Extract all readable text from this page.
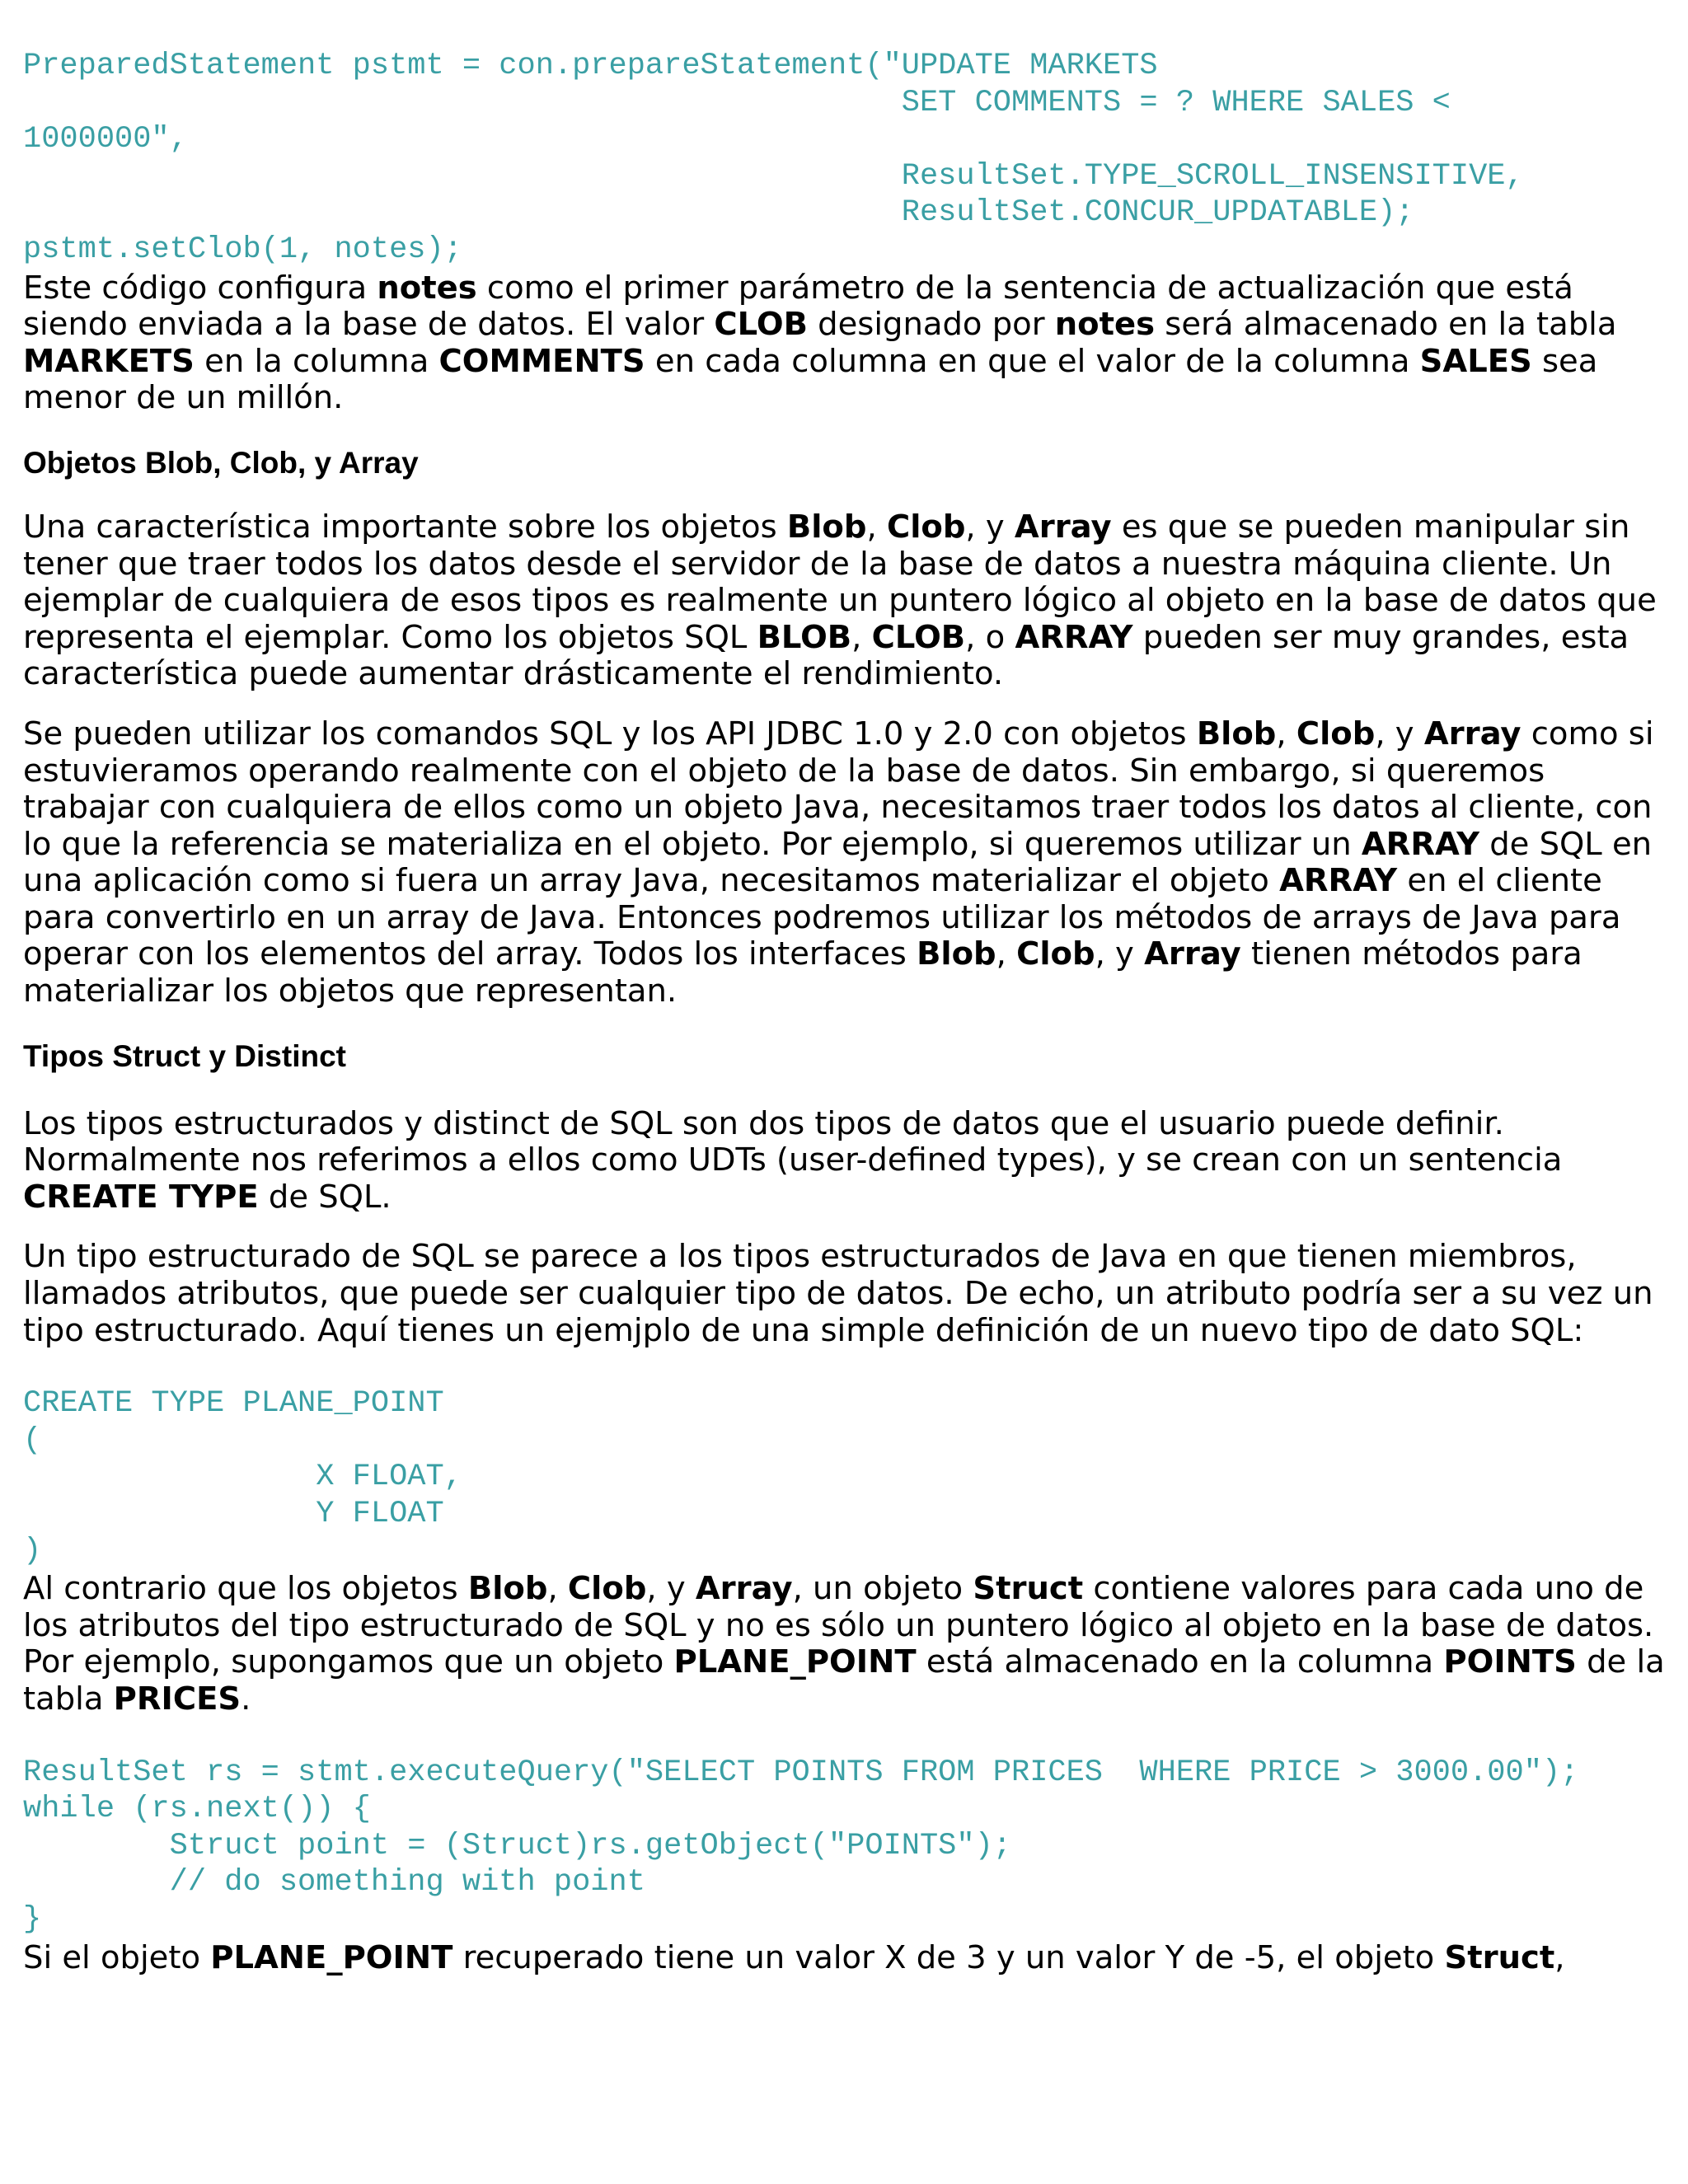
PreparedStatement pstmt = con.prepareStatement("UPDATE MARKETS
SET COMMENTS = ? WHERE SALES <
1000000",
ResultSet.TYPE_SCROLL_INSENSITIVE,
ResultSet.CONCUR_UPDATABLE);
pstmt.setClob(1, notes);

Este código configura notes como el primer parámetro de la sentencia de actualización que está siendo enviada a la base de datos. El valor CLOB designado por notes será almacenado en la tabla MARKETS en la columna COMMENTS en cada columna en que el valor de la columna SALES sea menor de un millón.

Objetos Blob, Clob, y Array

Una característica importante sobre los objetos Blob, Clob, y Array es que se pueden manipular sin tener que traer todos los datos desde el servidor de la base de datos a nuestra máquina cliente. Un ejemplar de cualquiera de esos tipos es realmente un puntero lógico al objeto en la base de datos que representa el ejemplar. Como los objetos SQL BLOB, CLOB, o ARRAY pueden ser muy grandes, esta característica puede aumentar drásticamente el rendimiento.

Se pueden utilizar los comandos SQL y los API JDBC 1.0 y 2.0 con objetos Blob, Clob, y Array como si estuvieramos operando realmente con el objeto de la base de datos. Sin embargo, si queremos trabajar con cualquiera de ellos como un objeto Java, necesitamos traer todos los datos al cliente, con lo que la referencia se materializa en el objeto. Por ejemplo, si queremos utilizar un ARRAY de SQL en una aplicación como si fuera un array Java, necesitamos materializar el objeto ARRAY en el cliente para convertirlo en un array de Java. Entonces podremos utilizar los métodos de arrays de Java para operar con los elementos del array. Todos los interfaces Blob, Clob, y Array tienen métodos para materializar los objetos que representan.

Tipos Struct y Distinct

Los tipos estructurados y distinct de SQL son dos tipos de datos que el usuario puede definir. Normalmente nos referimos a ellos como UDTs (user-defined types), y se crean con un sentencia CREATE TYPE de SQL.

Un tipo estructurado de SQL se parece a los tipos estructurados de Java en que tienen miembros, llamados atributos, que puede ser cualquier tipo de datos. De echo, un atributo podría ser a su vez un tipo estructurado. Aquí tienes un ejemjplo de una simple definición de un nuevo tipo de dato SQL:

CREATE TYPE PLANE_POINT
(
X FLOAT,
Y FLOAT
)

Al contrario que los objetos Blob, Clob, y Array, un objeto Struct contiene valores para cada uno de los atributos del tipo estructurado de SQL y no es sólo un puntero lógico al objeto en la base de datos. Por ejemplo, supongamos que un objeto PLANE_POINT está almacenado en la columna POINTS de la tabla PRICES.

ResultSet rs = stmt.executeQuery("SELECT POINTS FROM PRICES  WHERE PRICE > 3000.00");
while (rs.next()) {
Struct point = (Struct)rs.getObject("POINTS");
// do something with point
}

Si el objeto PLANE_POINT recuperado tiene un valor X de 3 y un valor Y de -5, el objeto Struct,
